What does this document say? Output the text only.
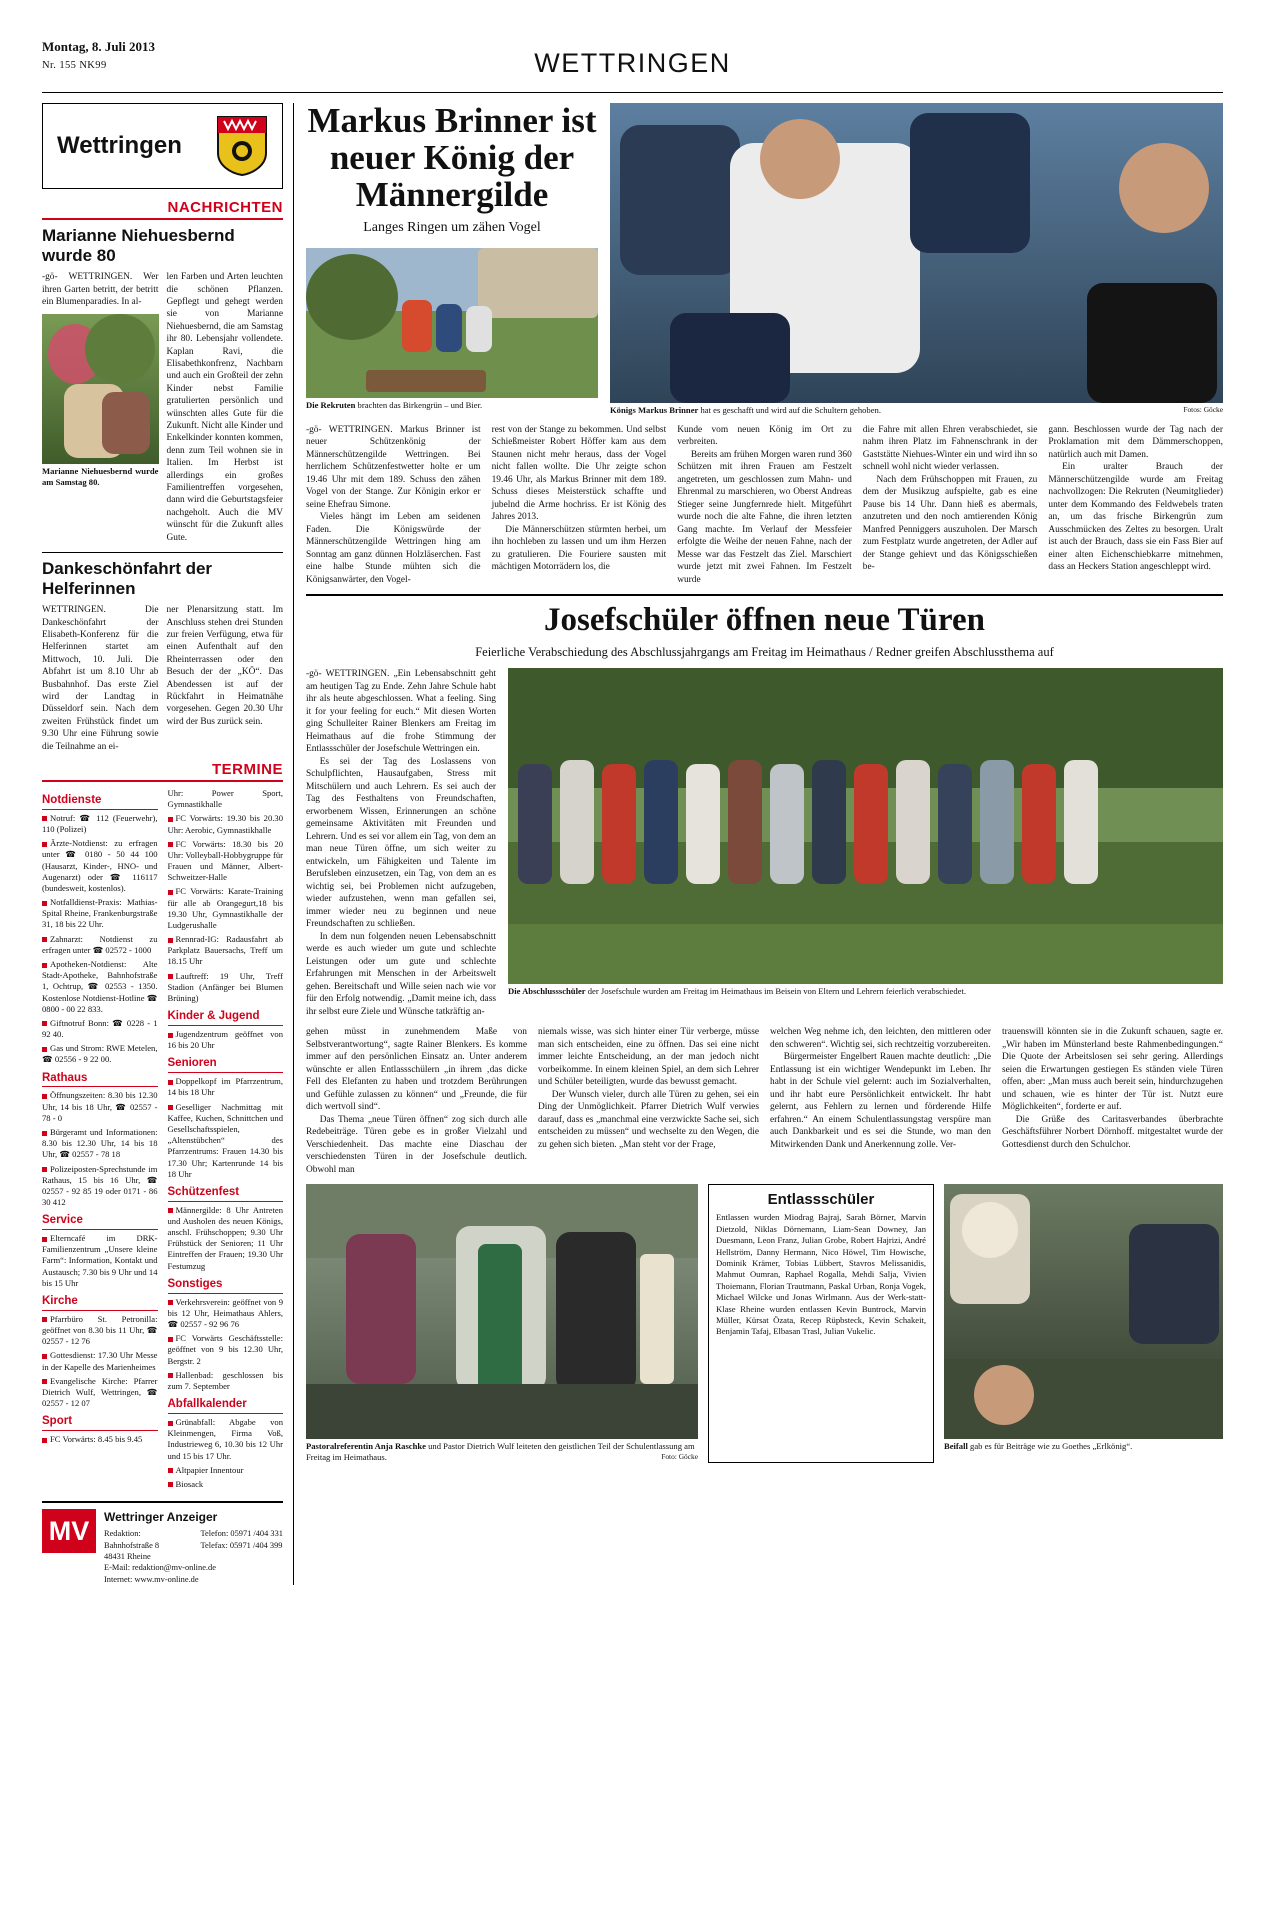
Montag, 8. Juli 2013
Nr. 155 NK99	WETTRINGEN
Wettringen
NACHRICHTEN
Marianne Niehuesbernd wurde 80
-gö- WETTRINGEN. Wer ihren Garten betritt, der betritt ein Blumenparadies. In al-
Marianne Niehuesbernd wurde am Samstag 80.
len Farben und Arten leuchten die schönen Pflanzen. Gepflegt und gehegt werden sie von Marianne Niehuesbernd, die am Samstag ihr 80. Lebensjahr vollendete. Kaplan Ravi, die Elisabethkonfrenz, Nachbarn und auch ein Großteil der zehn Kinder nebst Familie gratulierten persönlich und wünschten alles Gute für die Zukunft. Nicht alle Kinder und Enkelkinder konnten kommen, denn zum Teil wohnen sie in Italien. Im Herbst ist allerdings ein großes Familientreffen vorgesehen, dann wird die Geburtstagsfeier nachgeholt. Auch die MV wünscht für die Zukunft alles Gute.
Dankeschönfahrt der Helferinnen
WETTRINGEN. Die Dankeschönfahrt der Elisabeth-Konferenz für die Helferinnen startet am Mittwoch, 10. Juli. Die Abfahrt ist um 8.10 Uhr ab Busbahnhof. Das erste Ziel wird der Landtag in Düsseldorf sein. Nach dem zweiten Frühstück findet um 9.30 Uhr eine Führung sowie die Teilnahme an ei-
ner Plenarsitzung statt. Im Anschluss stehen drei Stunden zur freien Verfügung, etwa für einen Aufenthalt auf den Rheinterrassen oder den Besuch der der „KÖ“. Das Abendessen ist auf der Rückfahrt in Heimatnähe vorgesehen. Gegen 20.30 Uhr wird der Bus zurück sein.
TERMINE
Notdienste
Notruf: ☎ 112 (Feuerwehr), 110 (Polizei)
Ärzte-Notdienst: zu erfragen unter ☎ 0180 - 50 44 100 (Hausarzt, Kinder-, HNO- und Augenarzt) oder ☎ 116117 (bundesweit, kostenlos).
Notfalldienst-Praxis: Mathias-Spital Rheine, Frankenburgstraße 31, 18 bis 22 Uhr.
Zahnarzt: Notdienst zu erfragen unter ☎ 02572 - 1000
Apotheken-Notdienst: Alte Stadt-Apotheke, Bahnhofstraße 1, Ochtrup, ☎ 02553 - 1350. Kostenlose Notdienst-Hotline ☎ 0800 - 00 22 833.
Giftnotruf Bonn: ☎ 0228 - 1 92 40.
Gas und Strom: RWE Metelen, ☎ 02556 - 9 22 00.
Rathaus
Öffnungszeiten: 8.30 bis 12.30 Uhr, 14 bis 18 Uhr, ☎ 02557 - 78 - 0
Bürgeramt und Informationen: 8.30 bis 12.30 Uhr, 14 bis 18 Uhr, ☎ 02557 - 78 18
Polizeiposten-Sprechstunde im Rathaus, 15 bis 16 Uhr, ☎ 02557 - 92 85 19 oder 0171 - 86 30 412
Service
Elterncafé im DRK-Familienzentrum „Unsere kleine Farm“: Information, Kontakt und Austausch; 7.30 bis 9 Uhr und 14 bis 15 Uhr
Kirche
Pfarrbüro St. Petronilla: geöffnet von 8.30 bis 11 Uhr, ☎ 02557 - 12 76
Gottesdienst: 17.30 Uhr Messe in der Kapelle des Marienheimes
Evangelische Kirche: Pfarrer Dietrich Wulf, Wettringen, ☎ 02557 - 12 07
Sport
FC Vorwärts: 8.45 bis 9.45
Uhr: Power Sport, Gymnastikhalle
FC Vorwärts: 19.30 bis 20.30 Uhr: Aerobic, Gymnastikhalle
FC Vorwärts: 18.30 bis 20 Uhr: Volleyball-Hobbygruppe für Frauen und Männer, Albert-Schweitzer-Halle
FC Vorwärts: Karate-Training für alle ab Orangegurt,18 bis 19.30 Uhr, Gymnastikhalle der Ludgerushalle
Rennrad-IG: Radausfahrt ab Parkplatz Bauersachs, Treff um 18.15 Uhr
Lauftreff: 19 Uhr, Treff Stadion (Anfänger bei Blumen Brüning)
Kinder & Jugend
Jugendzentrum geöffnet von 16 bis 20 Uhr
Senioren
Doppelkopf im Pfarrzentrum, 14 bis 18 Uhr
Geselliger Nachmittag mit Kaffee, Kuchen, Schnittchen und Gesellschaftsspielen, „Altenstübchen“ des Pfarrzentrums: Frauen 14.30 bis 17.30 Uhr; Kartenrunde 14 bis 18 Uhr
Schützenfest
Männergilde: 8 Uhr Antreten und Ausholen des neuen Königs, anschl. Frühschoppen; 9.30 Uhr Frühstück der Senioren; 11 Uhr Eintreffen der Frauen; 19.30 Uhr Festumzug
Sonstiges
Verkehrsverein: geöffnet von 9 bis 12 Uhr, Heimathaus Ahlers, ☎ 02557 - 92 96 76
FC Vorwärts Geschäftsstelle: geöffnet von 9 bis 12.30 Uhr, Bergstr. 2
Hallenbad: geschlossen bis zum 7. September
Abfallkalender
Grünabfall: Abgabe von Kleinmengen, Firma Voß, Industrieweg 6, 10.30 bis 12 Uhr und 15 bis 17 Uhr.
Altpapier Innentour
Biosack
MV	Wettringer Anzeiger
Redaktion:
Bahnhofstraße 8
48431 Rheine
Telefon: 05971 /404 331
Telefax: 05971 /404 399
E-Mail: redaktion@mv-online.de
Internet: www.mv-online.de
Markus Brinner ist neuer König der Männergilde
Langes Ringen um zähen Vogel
Die Rekruten brachten das Birkengrün – und Bier.	Königs Markus Brinner hat es geschafft und wird auf die Schultern gehoben.	Fotos: Göcke
-gö- WETTRINGEN. Markus Brinner ist neuer Schützenkönig der Männerschützengilde Wettringen. Bei herrlichem Schützenfestwetter holte er um 19.46 Uhr mit dem 189. Schuss den zähen Vogel von der Stange. Zur Königin erkor er seine Ehefrau Simone.
 Vieles hängt im Leben am seidenen Faden. Die Königswürde der Männerschützengilde Wettringen hing am Sonntag am ganz dünnen Holzläserchen. Fast eine halbe Stunde mühten sich die Königsanwärter, den Vogel-
rest von der Stange zu bekommen. Und selbst Schießmeister Robert Höffer kam aus dem Staunen nicht mehr heraus, dass der Vogel nicht fallen wollte. Die Uhr zeigte schon 19.46 Uhr, als Markus Brinner mit dem 189. Schuss dieses Meisterstück schaffte und jubelnd die Arme hochriss. Er ist König des Jahres 2013.
 Die Männerschützen stürmten herbei, um ihn hochleben zu lassen und um ihm Herzen zu gratulieren. Die Fouriere sausten mit mächtigen Motorrädern los, die
Kunde vom neuen König im Ort zu verbreiten.
 Bereits am frühen Morgen waren rund 360 Schützen mit ihren Frauen am Festzelt angetreten, um geschlossen zum Mahn- und Ehrenmal zu marschieren, wo Oberst Andreas Stieger seine Jungfernrede hielt. Mitgeführt wurde noch die alte Fahne, die ihren letzten Gang machte. Im Verlauf der Messfeier erfolgte die Weihe der neuen Fahne, nach der Messe war das Festzelt das Ziel. Marschiert wurde jetzt mit zwei Fahnen. Im Festzelt wurde
die Fahre mit allen Ehren verabschiedet, sie nahm ihren Platz im Fahnenschrank in der Gaststätte Niehues-Winter ein und wird ihn so schnell wohl nicht wieder verlassen.
 Nach dem Frühschoppen mit Frauen, zu dem der Musikzug aufspielte, gab es eine Pause bis 14 Uhr. Dann hieß es abermals, anzutreten und den noch amtierenden König Manfred Penniggers auszuholen. Der Marsch zum Festplatz wurde angetreten, der Adler auf der Stange gehievt und das Königsschießen be-
gann. Beschlossen wurde der Tag nach der Proklamation mit dem Dämmerschoppen, natürlich auch mit Damen.
 Ein uralter Brauch der Männerschützengilde wurde am Freitag nachvollzogen: Die Rekruten (Neumitglieder) unter dem Kommando des Feldwebels traten an, um das frische Birkengrün zum Ausschmücken des Zeltes zu besorgen. Uralt ist auch der Brauch, dass sie ein Fass Bier auf einer alten Eichenschiebkarre mitnehmen, dass an Heckers Station angeschleppt wird.
Josefschüler öffnen neue Türen
Feierliche Verabschiedung des Abschlussjahrgangs am Freitag im Heimathaus / Redner greifen Abschlussthema auf
-gö- WETTRINGEN. „Ein Lebensabschnitt geht am heutigen Tag zu Ende. Zehn Jahre Schule habt ihr als heute abgeschlossen. What a feeling. Sing it for your feeling for euch.“ Mit diesen Worten ging Schulleiter Rainer Blenkers am Freitag im Heimathaus auf die frohe Stimmung der Entlassschüler der Josefschule Wettringen ein.
 Es sei der Tag des Loslassens von Schulpflichten, Hausaufgaben, Stress mit Mitschülern und auch Lehrern. Es sei auch der Tag des Festhaltens von Freundschaften, erworbenem Wissen, Erinnerungen an schöne gemeinsame Aktivitäten mit Freunden und Lehrern. Und es sei vor allem ein Tag, von dem an man neue Türen öffne, um sich weiter zu entwickeln, um Fähigkeiten und Talente im Berufsleben einzusetzen, ein Tag, von dem an es wichtig sei, bei Problemen nicht aufzugeben, wieder aufzustehen, wenn man gefallen sei, immer wieder neu zu beginnen und neue Freundschaften zu schließen.
 In dem nun folgenden neuen Lebensabschnitt werde es auch wieder um gute und schlechte Leistungen oder um gute und schlechte Erfahrungen mit Menschen in der Arbeitswelt gehen. Bereitschaft und Wille seien nach wie vor für den Erfolg notwendig. „Damit meine ich, dass ihr selbst eure Ziele und Wünsche tatkräftig an-
Die Abschlussschüler der Josefschule wurden am Freitag im Heimathaus im Beisein von Eltern und Lehrern feierlich verabschiedet.
gehen müsst in zunehmendem Maße von Selbstverantwortung“, sagte Rainer Blenkers. Es komme immer auf den persönlichen Einsatz an. Unter anderem wünschte er allen Entlassschülern „in ihrem ‚das dicke Fell des Elefanten zu haben und trotzdem Berührungen und Gefühle zulassen zu können“ und „Freunde, die für dich wertvoll sind“.
 Das Thema „neue Türen öffnen“ zog sich durch alle Redebeiträge. Türen gebe es in großer Vielzahl und Verschiedenheit. Das machte eine Diaschau der verschiedensten Türen in der Josefschule deutlich. Obwohl man
niemals wisse, was sich hinter einer Tür verberge, müsse man sich entscheiden, eine zu öffnen. Das sei eine nicht immer leichte Entscheidung, an der man jedoch nicht vorbeikomme. In einem kleinen Spiel, an dem sich Lehrer und Schüler beteiligten, wurde das bewusst gemacht.
 Der Wunsch vieler, durch alle Türen zu gehen, sei ein Ding der Unmöglichkeit. Pfarrer Dietrich Wulf verwies darauf, dass es „manchmal eine verzwickte Sache sei, sich entscheiden zu müssen“ und wechselte zu den Wegen, die zu gehen sich bieten. „Man steht vor der Frage,
welchen Weg nehme ich, den leichten, den mittleren oder den schweren“. Wichtig sei, sich rechtzeitig vorzubereiten.
 Bürgermeister Engelbert Rauen machte deutlich: „Die Entlassung ist ein wichtiger Wendepunkt im Leben. Ihr habt in der Schule viel gelernt: auch im Sozialverhalten, und ihr habt eure Persönlichkeit entwickelt. Ihr habt gelernt, aus Fehlern zu lernen und förderende Hilfe erfahren.“ An einem Schulentlassungstag verspüre man auch Dankbarkeit und es sei die Stunde, wo man den Mitwirkenden Dank und Anerkennung zolle. Ver-
trauenswill könnten sie in die Zukunft schauen, sagte er. „Wir haben im Münsterland beste Rahmenbedingungen.“ Die Quote der Arbeitslosen sei sehr gering. Allerdings seien die Erwartungen gestiegen Es ständen viele Türen offen, aber: „Man muss auch bereit sein, hindurchzugehen und schauen, wie es hinter der Tür ist. Nutzt eure Möglichkeiten“, forderte er auf.
 Die Grüße des Caritasverbandes überbrachte Geschäftsführer Norbert Dörnhoff. mitgestaltet wurde der Gottesdienst durch den Schulchor.
Pastoralreferentin Anja Raschke und Pastor Dietrich Wulf leiteten den geistlichen Teil der Schulentlassung am Freitag im Heimathaus.	Foto: Göcke
Entlassschüler
Entlassen wurden Miodrag Bajraj, Sarah Börner, Marvin Dietzold, Niklas Dörnemann, Liam-Sean Downey, Jan Duesmann, Leon Franz, Julian Grobe, Robert Hajrizi, André Hellström, Danny Hermann, Nico Höwel, Tim Howische, Dominik Krämer, Tobias Lübbert, Stavros Melissanidis, Mahmut Oumran, Raphael Rogalla, Mehdi Salja, Vivien Thoiemann, Florian Trautmann, Paskal Urban, Ronja Vogek, Michael Wilcke und Jonas Wirlmann. Aus der Werk-statt-Klase Rheine wurden entlassen Kevin Buntrock, Marvin Müller, Kürsat Özata, Recep Rüpbsteck, Kevin Schakeit, Benjamin Tafaj, Elbasan Trasl, Julian Vukelic.
Beifall gab es für Beiträge wie zu Goethes „Erlkönig“.
